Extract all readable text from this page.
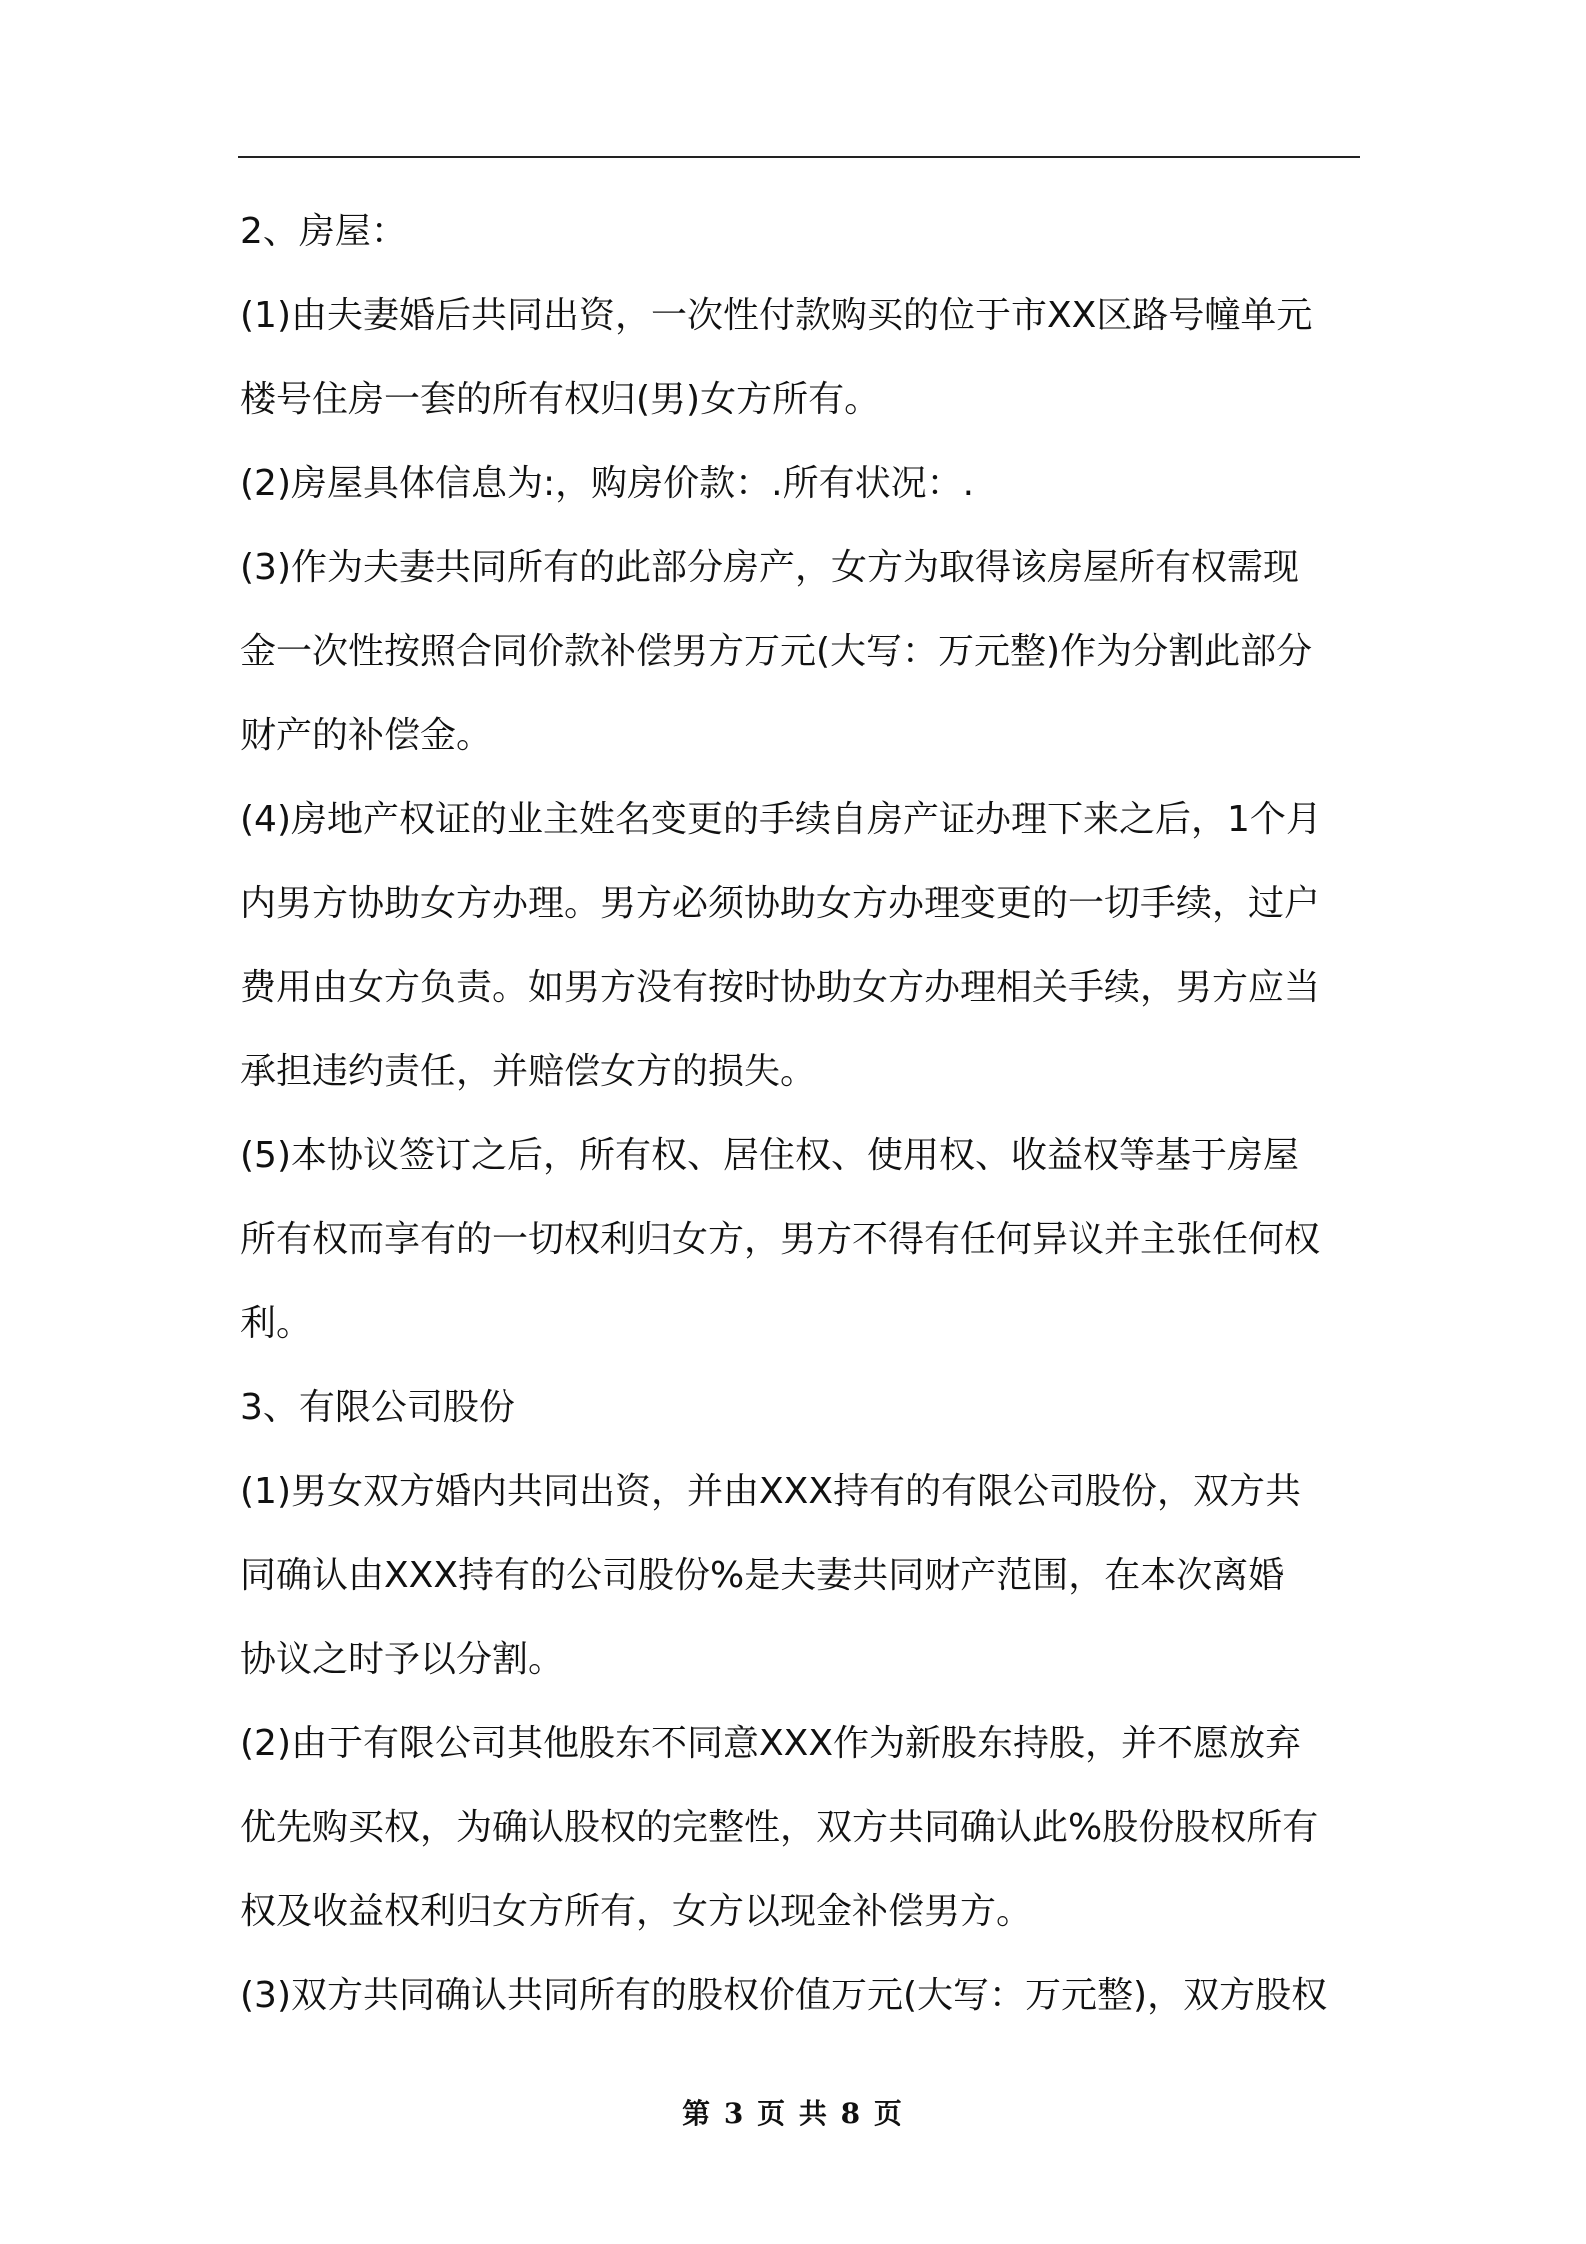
2、房屋：
(1)由夫妻婚后共同出资，一次性付款购买的位于市XX区路号幢单元
楼号住房一套的所有权归(男)女方所有。
(2)房屋具体信息为:，购房价款：.所有状况：.
(3)作为夫妻共同所有的此部分房产，女方为取得该房屋所有权需现
金一次性按照合同价款补偿男方万元(大写：万元整)作为分割此部分
财产的补偿金。
(4)房地产权证的业主姓名变更的手续自房产证办理下来之后，1个月
内男方协助女方办理。男方必须协助女方办理变更的一切手续，过户
费用由女方负责。如男方没有按时协助女方办理相关手续，男方应当
承担违约责任，并赔偿女方的损失。
(5)本协议签订之后，所有权、居住权、使用权、收益权等基于房屋
所有权而享有的一切权利归女方，男方不得有任何异议并主张任何权
利。
3、有限公司股份
(1)男女双方婚内共同出资，并由XXX持有的有限公司股份，双方共
同确认由XXX持有的公司股份%是夫妻共同财产范围，在本次离婚
协议之时予以分割。
(2)由于有限公司其他股东不同意XXX作为新股东持股，并不愿放弃
优先购买权，为确认股权的完整性，双方共同确认此%股份股权所有
权及收益权利归女方所有，女方以现金补偿男方。
(3)双方共同确认共同所有的股权价值万元(大写：万元整)，双方股权
第 3 页 共 8 页
